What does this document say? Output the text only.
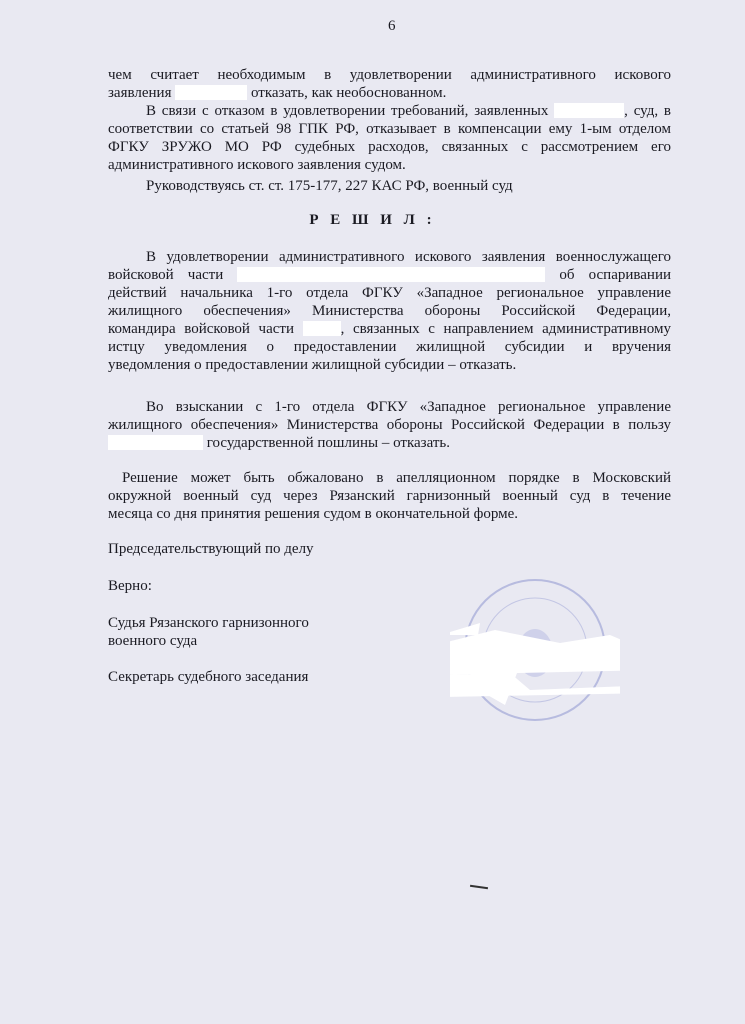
6
чем считает необходимым в удовлетворении административного искового
заявления	отказать, как необоснованном.
В связи с отказом в удовлетворении требований, заявленных	, суд, в
соответствии со статьей 98 ГПК РФ, отказывает в компенсации ему 1-ым отделом
ФГКУ ЗРУЖО МО РФ судебных расходов, связанных с рассмотрением его
административного искового заявления судом.
Руководствуясь ст. ст. 175-177, 227 КАС РФ, военный суд
Р Е Ш И Л :
В удовлетворении административного искового заявления военнослужащего
войсковой части	об оспаривании
действий начальника 1-го отдела ФГКУ «Западное региональное управление
жилищного обеспечения» Министерства обороны Российской Федерации,
командира войсковой части	, связанных с направлением административному
истцу уведомления о предоставлении жилищной субсидии и вручения
уведомления о предоставлении жилищной субсидии – отказать.
Во взыскании с 1-го отдела ФГКУ «Западное региональное управление
жилищного обеспечения» Министерства обороны Российской Федерации в пользу
государственной пошлины – отказать.
Решение может быть обжаловано в апелляционном порядке в Московский
окружной военный суд через Рязанский гарнизонный военный суд в течение
месяца со дня принятия решения судом в окончательной форме.
Председательствующий по делу
Верно:
Судья Рязанского гарнизонного
военного суда
Секретарь судебного заседания
